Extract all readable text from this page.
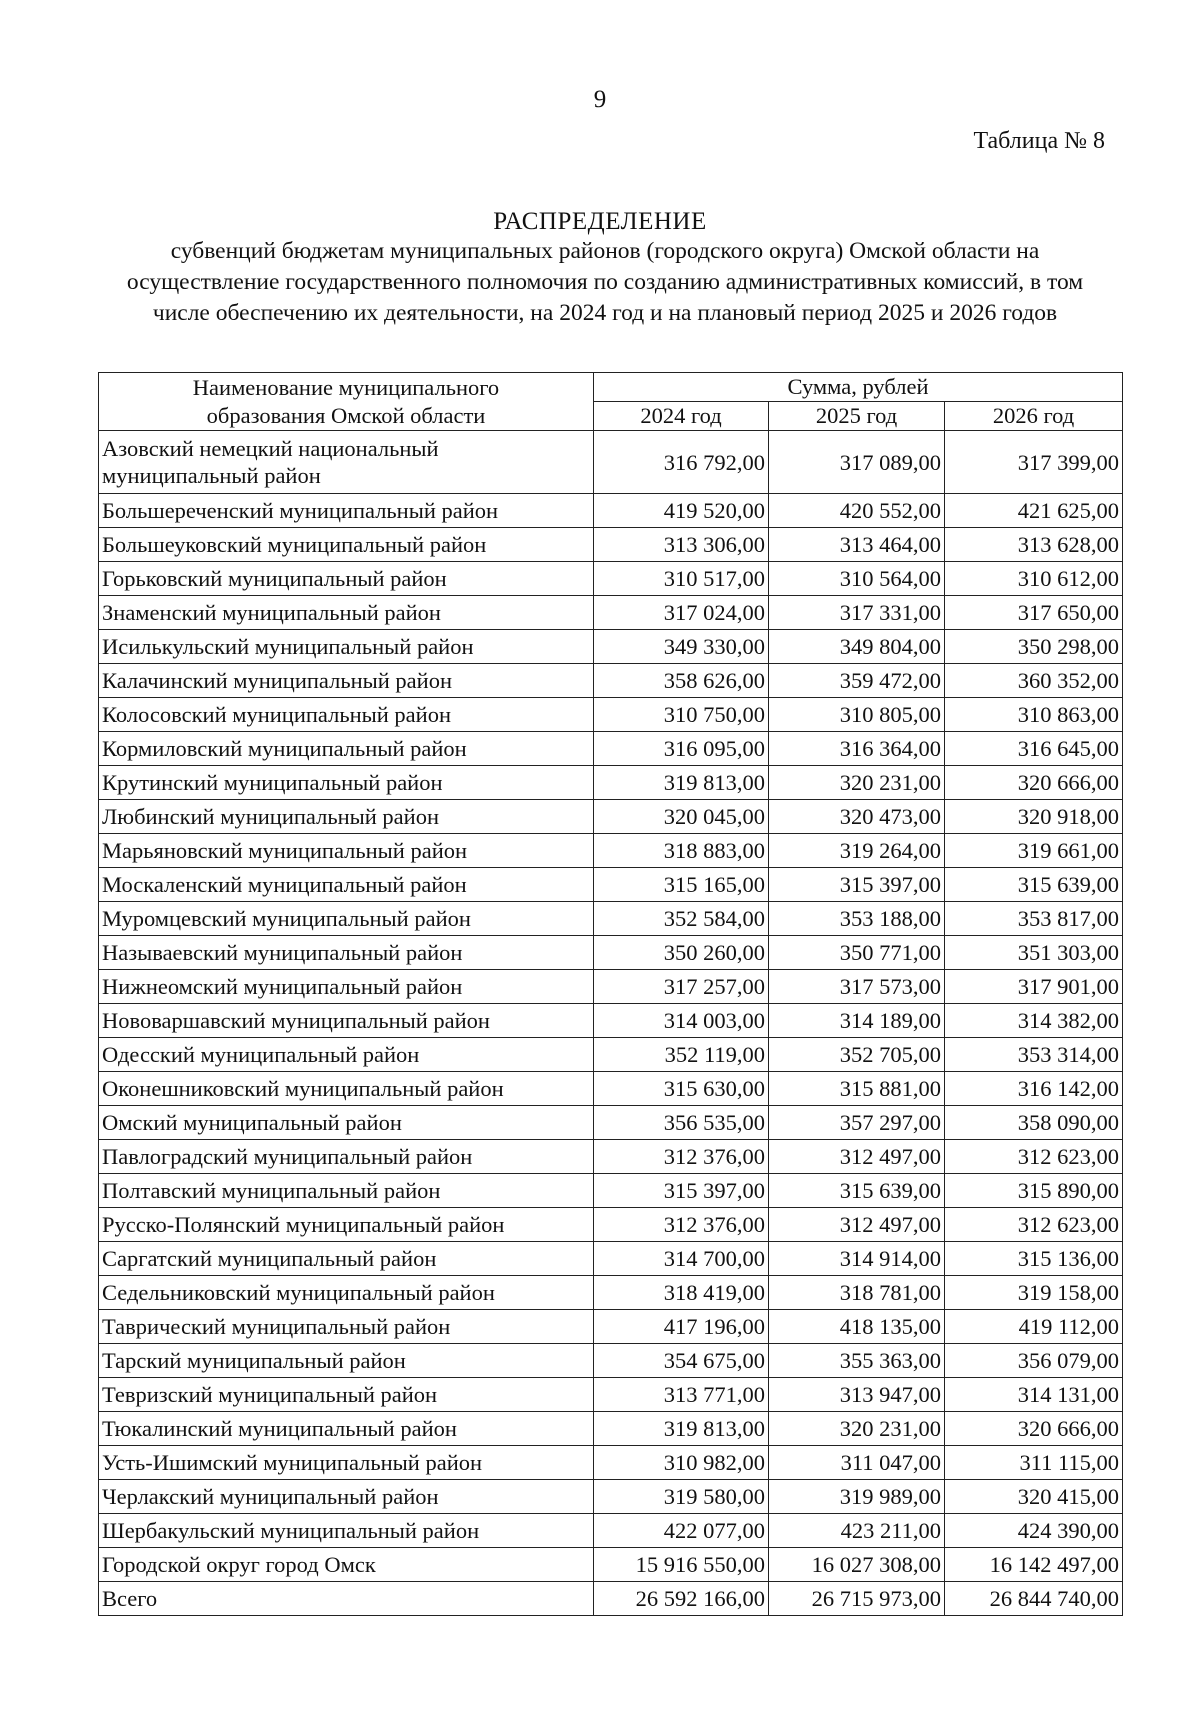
9
Таблица № 8
РАСПРЕДЕЛЕНИЕ
субвенций бюджетам муниципальных районов (городского округа) Омской области на
осуществление государственного полномочия по созданию административных комиссий, в том
числе обеспечению их деятельности, на 2024 год и на плановый период 2025 и 2026 годов
Наименование муниципального
образования Омской области	Сумма, рублей		
	2024 год	2025 год	2026 год
Азовский немецкий национальный муниципальный район	316 792,00	317 089,00	317 399,00
Большереченский муниципальный район	419 520,00	420 552,00	421 625,00
Большеуковский муниципальный район	313 306,00	313 464,00	313 628,00
Горьковский муниципальный район	310 517,00	310 564,00	310 612,00
Знаменский муниципальный район	317 024,00	317 331,00	317 650,00
Исилькульский муниципальный район	349 330,00	349 804,00	350 298,00
Калачинский муниципальный район	358 626,00	359 472,00	360 352,00
Колосовский муниципальный район	310 750,00	310 805,00	310 863,00
Кормиловский муниципальный район	316 095,00	316 364,00	316 645,00
Крутинский муниципальный район	319 813,00	320 231,00	320 666,00
Любинский муниципальный район	320 045,00	320 473,00	320 918,00
Марьяновский муниципальный район	318 883,00	319 264,00	319 661,00
Москаленский муниципальный район	315 165,00	315 397,00	315 639,00
Муромцевский муниципальный район	352 584,00	353 188,00	353 817,00
Называевский муниципальный район	350 260,00	350 771,00	351 303,00
Нижнеомский муниципальный район	317 257,00	317 573,00	317 901,00
Нововаршавский муниципальный район	314 003,00	314 189,00	314 382,00
Одесский муниципальный район	352 119,00	352 705,00	353 314,00
Оконешниковский муниципальный район	315 630,00	315 881,00	316 142,00
Омский муниципальный район	356 535,00	357 297,00	358 090,00
Павлоградский муниципальный район	312 376,00	312 497,00	312 623,00
Полтавский муниципальный район	315 397,00	315 639,00	315 890,00
Русско-Полянский муниципальный район	312 376,00	312 497,00	312 623,00
Саргатский муниципальный район	314 700,00	314 914,00	315 136,00
Седельниковский муниципальный район	318 419,00	318 781,00	319 158,00
Таврический муниципальный район	417 196,00	418 135,00	419 112,00
Тарский муниципальный район	354 675,00	355 363,00	356 079,00
Тевризский муниципальный район	313 771,00	313 947,00	314 131,00
Тюкалинский муниципальный район	319 813,00	320 231,00	320 666,00
Усть-Ишимский муниципальный район	310 982,00	311 047,00	311 115,00
Черлакский муниципальный район	319 580,00	319 989,00	320 415,00
Шербакульский муниципальный район	422 077,00	423 211,00	424 390,00
Городской округ город Омск	15 916 550,00	16 027 308,00	16 142 497,00
Всего	26 592 166,00	26 715 973,00	26 844 740,00
